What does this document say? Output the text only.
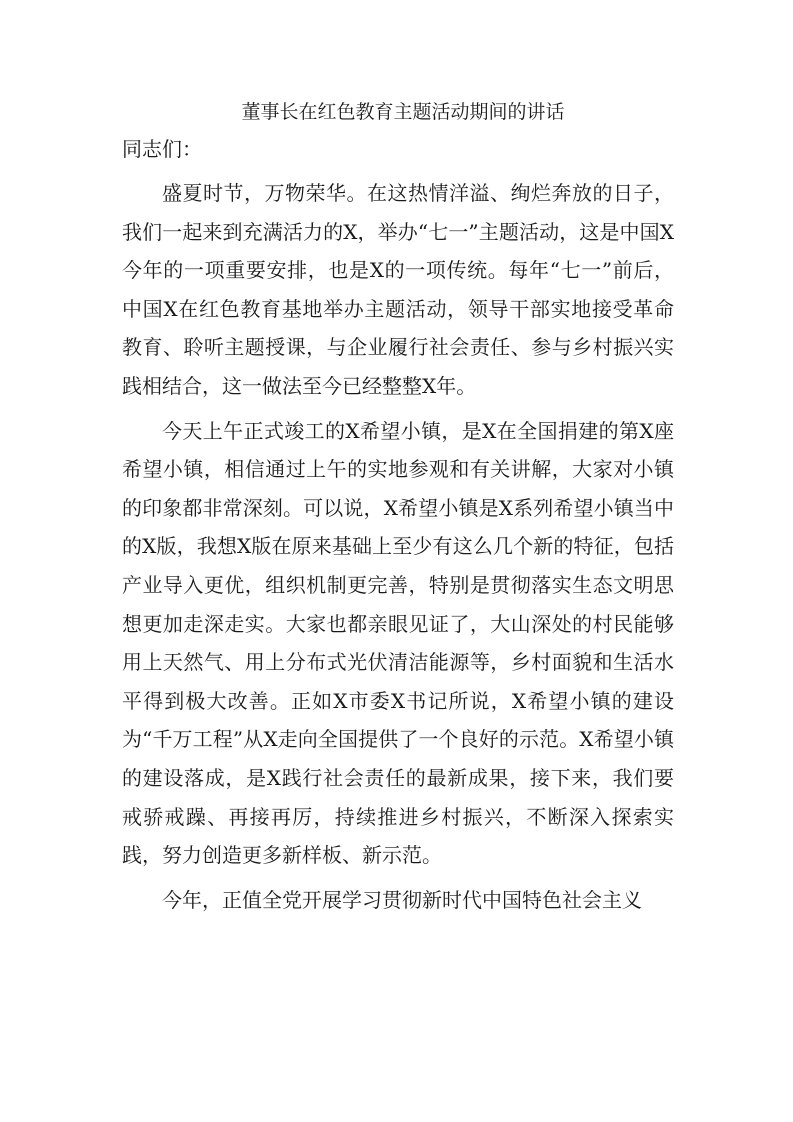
董事长在红色教育主题活动期间的讲话

同志们：

盛夏时节，万物荣华。在这热情洋溢、绚烂奔放的日子，我们一起来到充满活力的X，举办“七一”主题活动，这是中国X今年的一项重要安排，也是X的一项传统。每年“七一”前后，中国X在红色教育基地举办主题活动，领导干部实地接受革命教育、聆听主题授课，与企业履行社会责任、参与乡村振兴实践相结合，这一做法至今已经整整X年。

今天上午正式竣工的X希望小镇，是X在全国捐建的第X座希望小镇，相信通过上午的实地参观和有关讲解，大家对小镇的印象都非常深刻。可以说，X希望小镇是X系列希望小镇当中的X版，我想X版在原来基础上至少有这么几个新的特征，包括产业导入更优，组织机制更完善，特别是贯彻落实生态文明思想更加走深走实。大家也都亲眼见证了，大山深处的村民能够用上天然气、用上分布式光伏清洁能源等，乡村面貌和生活水平得到极大改善。正如X市委X书记所说，X希望小镇的建设为“千万工程”从X走向全国提供了一个良好的示范。X希望小镇的建设落成，是X践行社会责任的最新成果，接下来，我们要戒骄戒躁、再接再厉，持续推进乡村振兴，不断深入探索实践，努力创造更多新样板、新示范。

今年，正值全党开展学习贯彻新时代中国特色社会主义
